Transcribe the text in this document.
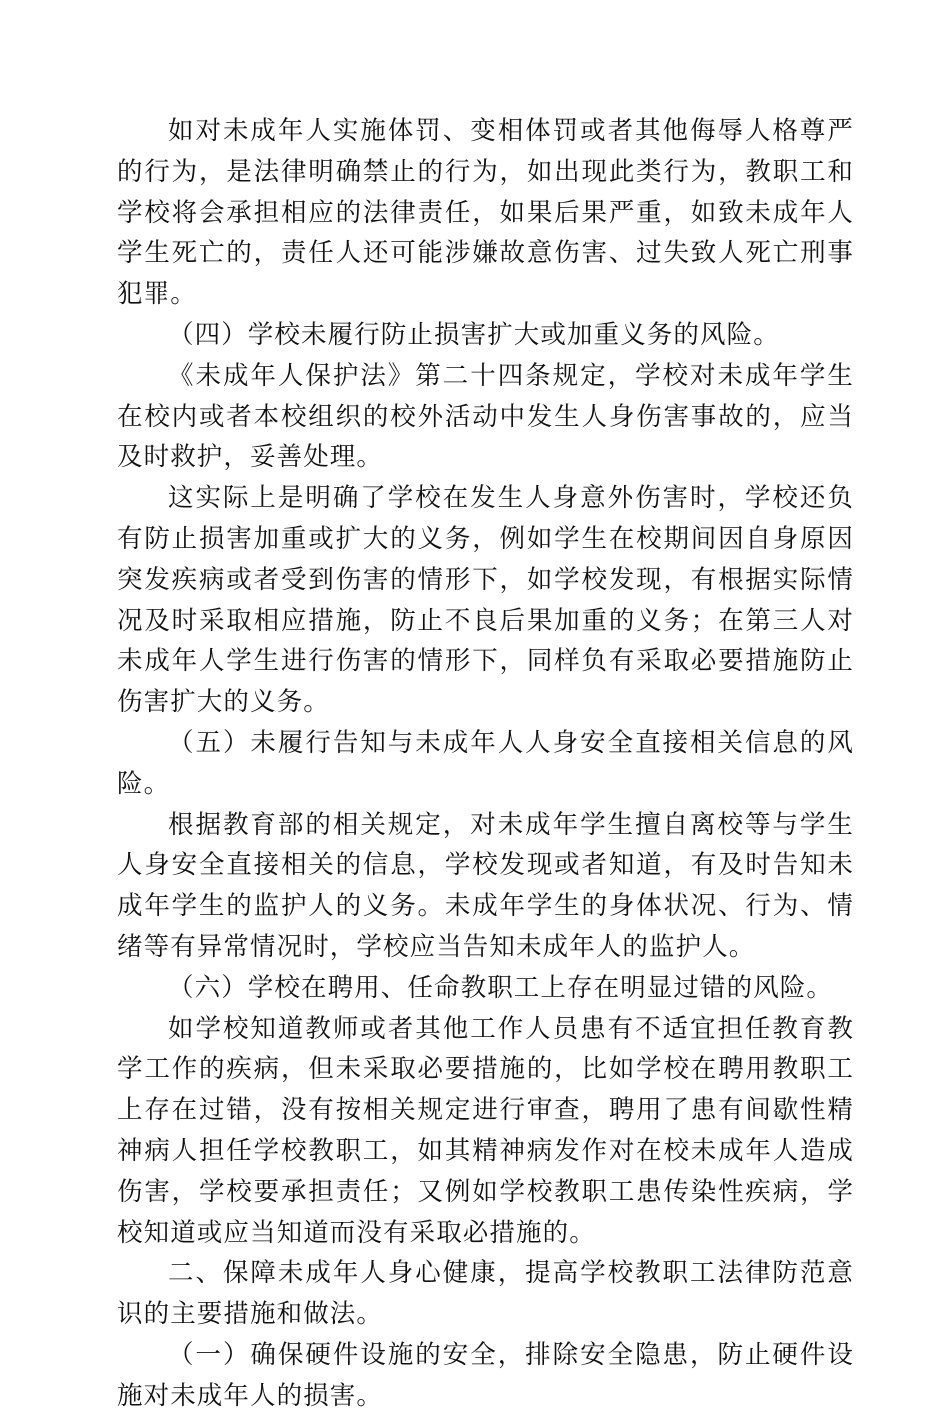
如对未成年人实施体罚、变相体罚或者其他侮辱人格尊严的行为，是法律明确禁止的行为，如出现此类行为，教职工和学校将会承担相应的法律责任，如果后果严重，如致未成年人学生死亡的，责任人还可能涉嫌故意伤害、过失致人死亡刑事犯罪。

（四）学校未履行防止损害扩大或加重义务的风险。

《未成年人保护法》第二十四条规定，学校对未成年学生在校内或者本校组织的校外活动中发生人身伤害事故的，应当及时救护，妥善处理。

这实际上是明确了学校在发生人身意外伤害时，学校还负有防止损害加重或扩大的义务，例如学生在校期间因自身原因突发疾病或者受到伤害的情形下，如学校发现，有根据实际情况及时采取相应措施，防止不良后果加重的义务；在第三人对未成年人学生进行伤害的情形下，同样负有采取必要措施防止伤害扩大的义务。

（五）未履行告知与未成年人人身安全直接相关信息的风险。

根据教育部的相关规定，对未成年学生擅自离校等与学生人身安全直接相关的信息，学校发现或者知道，有及时告知未成年学生的监护人的义务。未成年学生的身体状况、行为、情绪等有异常情况时，学校应当告知未成年人的监护人。

（六）学校在聘用、任命教职工上存在明显过错的风险。

如学校知道教师或者其他工作人员患有不适宜担任教育教学工作的疾病，但未采取必要措施的，比如学校在聘用教职工上存在过错，没有按相关规定进行审查，聘用了患有间歇性精神病人担任学校教职工，如其精神病发作对在校未成年人造成伤害，学校要承担责任；又例如学校教职工患传染性疾病，学校知道或应当知道而没有采取必措施的。

二、保障未成年人身心健康，提高学校教职工法律防范意识的主要措施和做法。

（一）确保硬件设施的安全，排除安全隐患，防止硬件设施对未成年人的损害。
